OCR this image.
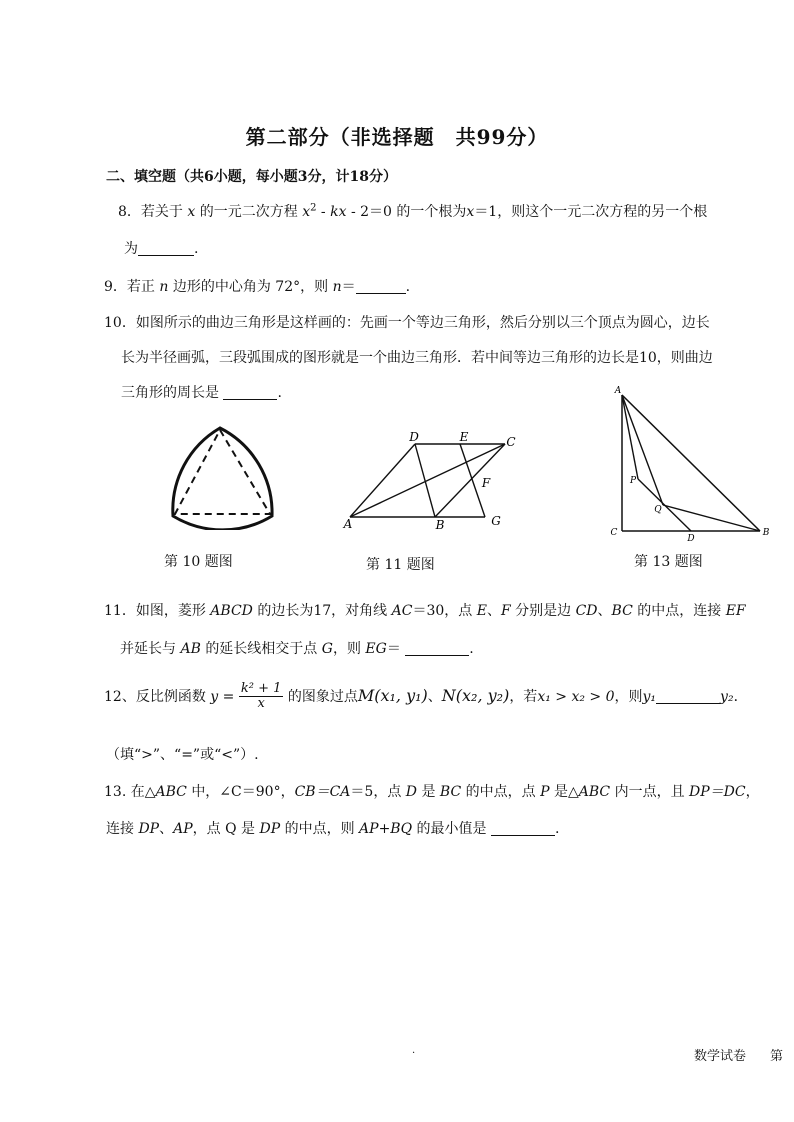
第二部分（非选择题　共99分）
二、填空题（共6小题，每小题3分，计18分）
8．若关于 x 的一元二次方程 $x^2$ - kx - 2＝0 的一个根为x＝1，则这个一元二次方程的另一个根
为	.
9．若正 n 边形的中心角为 72°，则 n＝	.
10．如图所示的曲边三角形是这样画的：先画一个等边三角形，然后分别以三个顶点为圆心，边长
长为半径画弧，三段弧围成的图形就是一个曲边三角形．若中间等边三角形的边长是10，则曲边
三角形的周长是	.
第 10 题图
D	E	C
F
A	B	G
第 11 题图
A
P
Q
C
D
B
第 13 题图
11．如图，菱形 ABCD 的边长为17，对角线 AC＝30，点 E、F 分别是边 CD、BC 的中点，连接 EF
并延长与 AB 的延长线相交于点 G，则 EG＝	.
12、反比例函数 $y = \frac{\text{k² + 1}}{x}$ 的图象过点M(x₁, y₁)、N(x₂, y₂)，若x₁ > x₂ > 0，则y₁	y₂．
（填“>”、“=”或“<”）.
13. 在△ABC 中，∠C＝90°，CB＝CA＝5，点 D 是 BC 的中点，点 P 是△ABC 内一点，且 DP＝DC，
连接 DP、AP，点 Q 是 DP 的中点，则 AP+BQ 的最小值是	.
.	数学试卷 第
